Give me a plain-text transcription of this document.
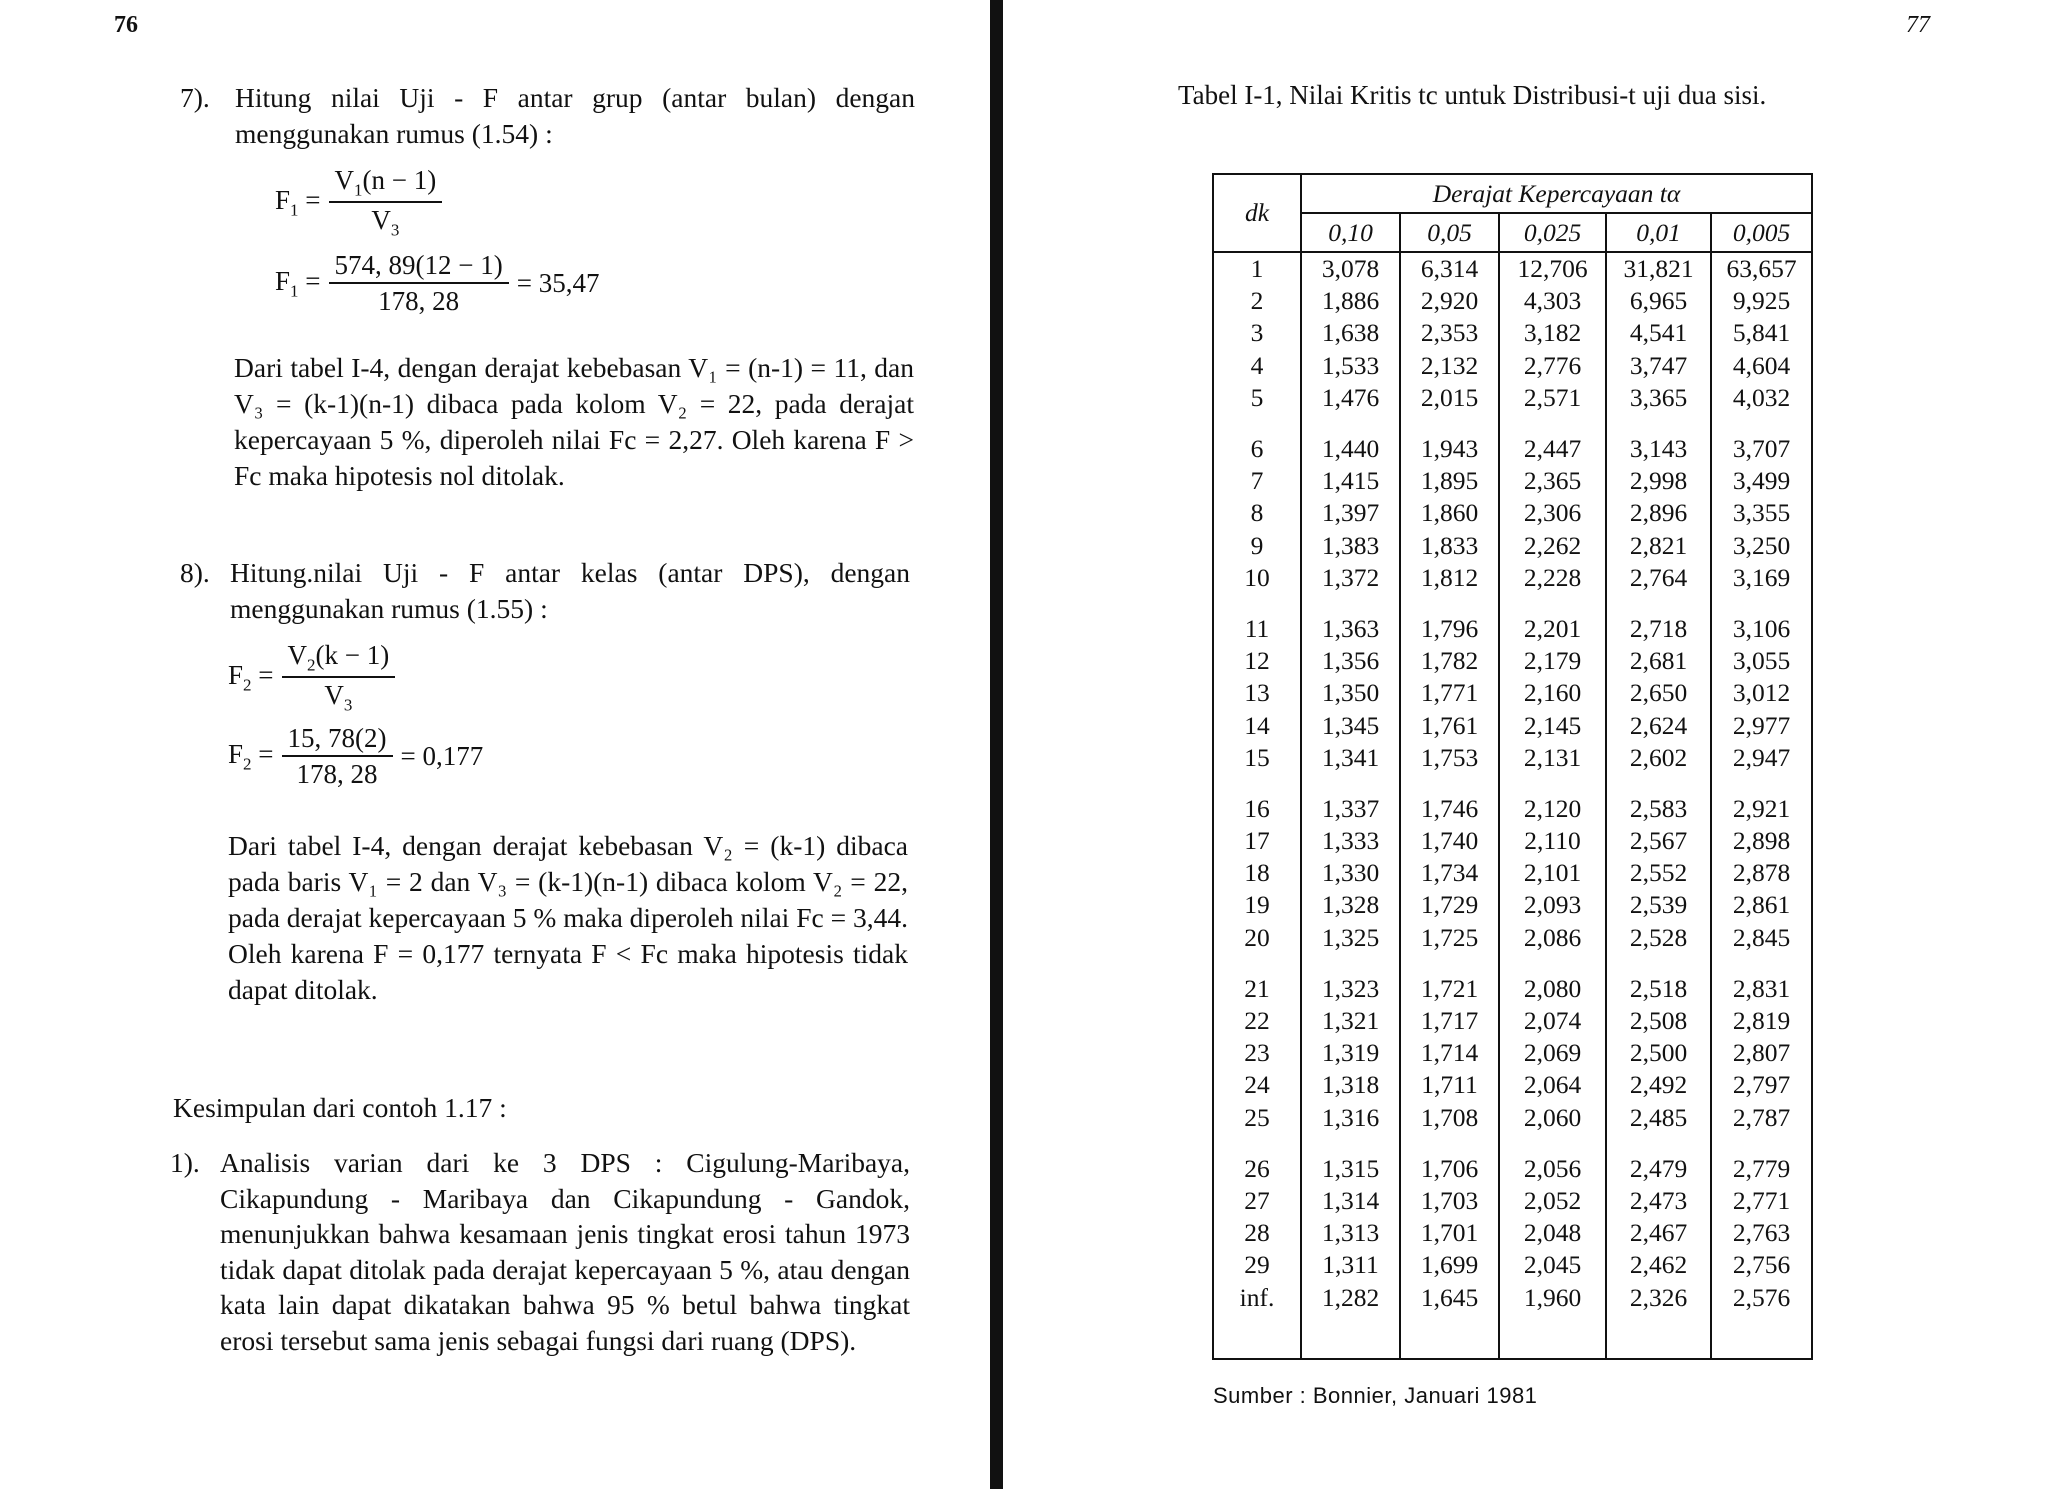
76
7). Hitung nilai Uji - F antar grup (antar bulan) dengan menggunakan rumus (1.54) :
$F_1 = \frac{V_1(n - 1)}{V_3}$
$F_1 = \frac{574, 89(12 - 1)}{178, 28} = 35,47$
Dari tabel I-4, dengan derajat kebebasan V₁ = (n-1) = 11, dan V₃ = (k-1)(n-1) dibaca pada kolom V₂ = 22, pada derajat kepercayaan 5 %, diperoleh nilai Fc = 2,27. Oleh karena F > Fc maka hipotesis nol ditolak.
8). Hitung.nilai Uji - F antar kelas (antar DPS), dengan menggunakan rumus (1.55) :
$F_2 = \frac{V_2(k - 1)}{V_3}$
$F_2 = \frac{15, 78(2)}{178, 28} = 0,177$
Dari tabel I-4, dengan derajat kebebasan V₂ = (k-1) dibaca pada baris V₁ = 2 dan V₃ = (k-1)(n-1) dibaca kolom V₂ = 22, pada derajat kepercayaan 5 % maka diperoleh nilai Fc = 3,44. Oleh karena F = 0,177 ternyata F < Fc maka hipotesis tidak dapat ditolak.
Kesimpulan dari contoh 1.17 :
1). Analisis varian dari ke 3 DPS : Cigulung-Maribaya, Cikapundung - Maribaya dan Cikapundung - Gandok, menunjukkan bahwa kesamaan jenis tingkat erosi tahun 1973 tidak dapat ditolak pada derajat kepercayaan 5 %, atau dengan kata lain dapat dikatakan bahwa 95 % betul bahwa tingkat erosi tersebut sama jenis sebagai fungsi dari ruang (DPS).
77
Tabel I-1, Nilai Kritis tc untuk Distribusi-t uji dua sisi.
dk	Derajat Kepercayaan tα				
	0,10	0,05	0,025	0,01	0,005
1	3,078	6,314	12,706	31,821	63,657
2	1,886	2,920	4,303	6,965	9,925
3	1,638	2,353	3,182	4,541	5,841
4	1,533	2,132	2,776	3,747	4,604
5	1,476	2,015	2,571	3,365	4,032
6	1,440	1,943	2,447	3,143	3,707
7	1,415	1,895	2,365	2,998	3,499
8	1,397	1,860	2,306	2,896	3,355
9	1,383	1,833	2,262	2,821	3,250
10	1,372	1,812	2,228	2,764	3,169
11	1,363	1,796	2,201	2,718	3,106
12	1,356	1,782	2,179	2,681	3,055
13	1,350	1,771	2,160	2,650	3,012
14	1,345	1,761	2,145	2,624	2,977
15	1,341	1,753	2,131	2,602	2,947
16	1,337	1,746	2,120	2,583	2,921
17	1,333	1,740	2,110	2,567	2,898
18	1,330	1,734	2,101	2,552	2,878
19	1,328	1,729	2,093	2,539	2,861
20	1,325	1,725	2,086	2,528	2,845
21	1,323	1,721	2,080	2,518	2,831
22	1,321	1,717	2,074	2,508	2,819
23	1,319	1,714	2,069	2,500	2,807
24	1,318	1,711	2,064	2,492	2,797
25	1,316	1,708	2,060	2,485	2,787
26	1,315	1,706	2,056	2,479	2,779
27	1,314	1,703	2,052	2,473	2,771
28	1,313	1,701	2,048	2,467	2,763
29	1,311	1,699	2,045	2,462	2,756
inf.	1,282	1,645	1,960	2,326	2,576
Sumber : Bonnier, Januari 1981
